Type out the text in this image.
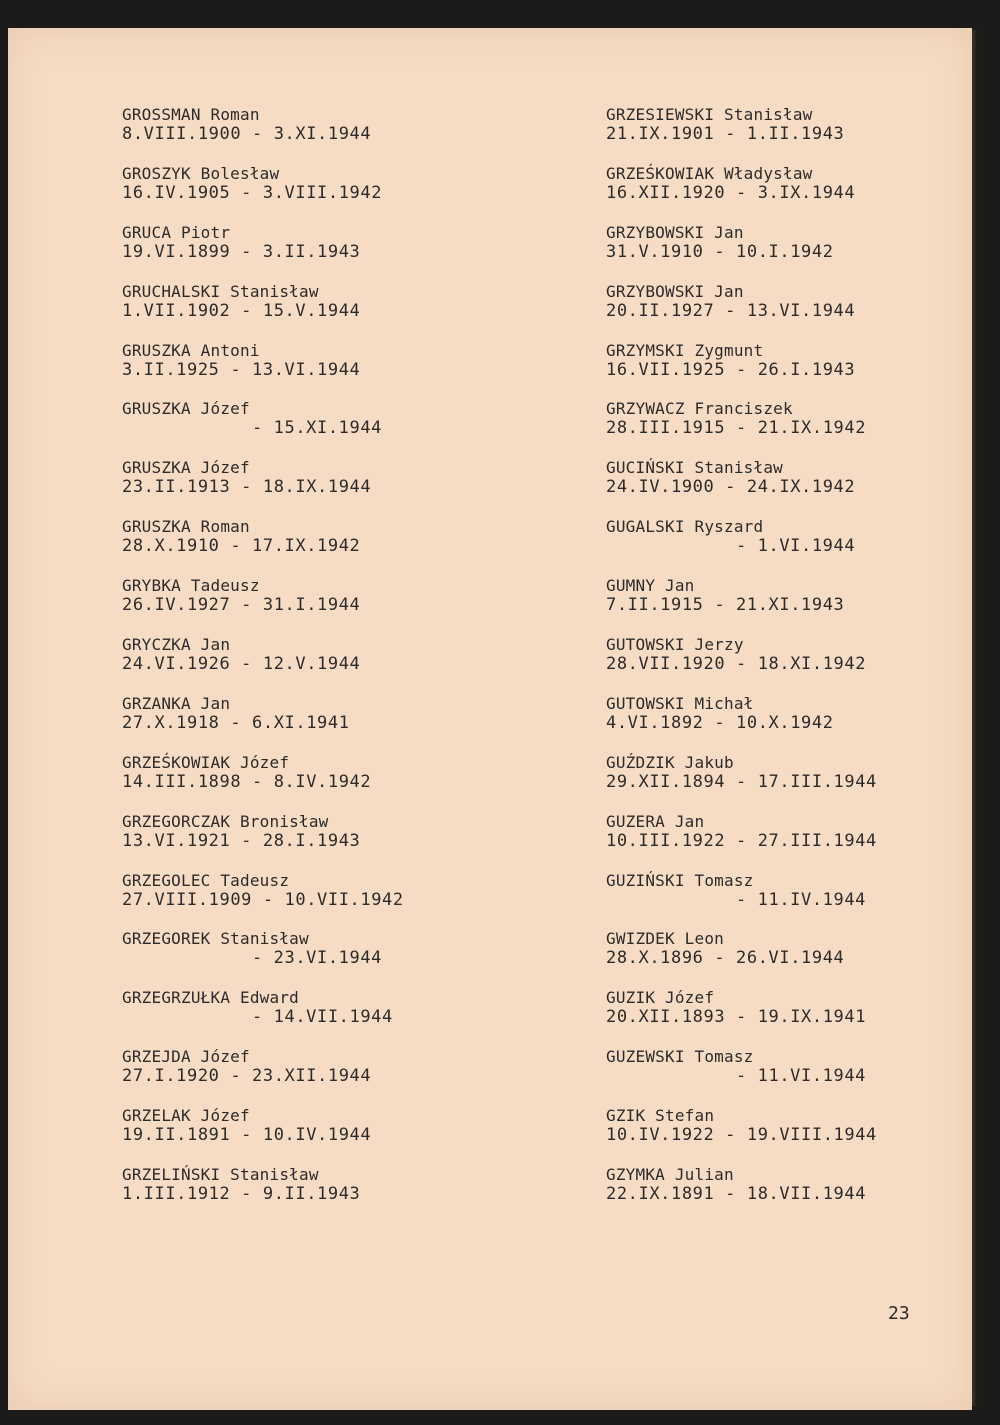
GROSSMAN Roman
8.VIII.1900 - 3.XI.1944
GROSZYK Bolesław
16.IV.1905 - 3.VIII.1942
GRUCA Piotr
19.VI.1899 - 3.II.1943
GRUCHALSKI Stanisław
1.VII.1902 - 15.V.1944
GRUSZKA Antoni
3.II.1925 - 13.VI.1944
GRUSZKA Józef
- 15.XI.1944
GRUSZKA Józef
23.II.1913 - 18.IX.1944
GRUSZKA Roman
28.X.1910 - 17.IX.1942
GRYBKA Tadeusz
26.IV.1927 - 31.I.1944
GRYCZKA Jan
24.VI.1926 - 12.V.1944
GRZANKA Jan
27.X.1918 - 6.XI.1941
GRZEŚKOWIAK Józef
14.III.1898 - 8.IV.1942
GRZEGORCZAK Bronisław
13.VI.1921 - 28.I.1943
GRZEGOLEC Tadeusz
27.VIII.1909 - 10.VII.1942
GRZEGOREK Stanisław
- 23.VI.1944
GRZEGRZUŁKA Edward
- 14.VII.1944
GRZEJDA Józef
27.I.1920 - 23.XII.1944
GRZELAK Józef
19.II.1891 - 10.IV.1944
GRZELIŃSKI Stanisław
1.III.1912 - 9.II.1943
GRZESIEWSKI Stanisław
21.IX.1901 - 1.II.1943
GRZEŚKOWIAK Władysław
16.XII.1920 - 3.IX.1944
GRZYBOWSKI Jan
31.V.1910 - 10.I.1942
GRZYBOWSKI Jan
20.II.1927 - 13.VI.1944
GRZYMSKI Zygmunt
16.VII.1925 - 26.I.1943
GRZYWACZ Franciszek
28.III.1915 - 21.IX.1942
GUCIŃSKI Stanisław
24.IV.1900 - 24.IX.1942
GUGALSKI Ryszard
- 1.VI.1944
GUMNY Jan
7.II.1915 - 21.XI.1943
GUTOWSKI Jerzy
28.VII.1920 - 18.XI.1942
GUTOWSKI Michał
4.VI.1892 - 10.X.1942
GUŹDZIK Jakub
29.XII.1894 - 17.III.1944
GUZERA Jan
10.III.1922 - 27.III.1944
GUZIŃSKI Tomasz
- 11.IV.1944
GWIZDEK Leon
28.X.1896 - 26.VI.1944
GUZIK Józef
20.XII.1893 - 19.IX.1941
GUZEWSKI Tomasz
- 11.VI.1944
GZIK Stefan
10.IV.1922 - 19.VIII.1944
GZYMKA Julian
22.IX.1891 - 18.VII.1944
23
